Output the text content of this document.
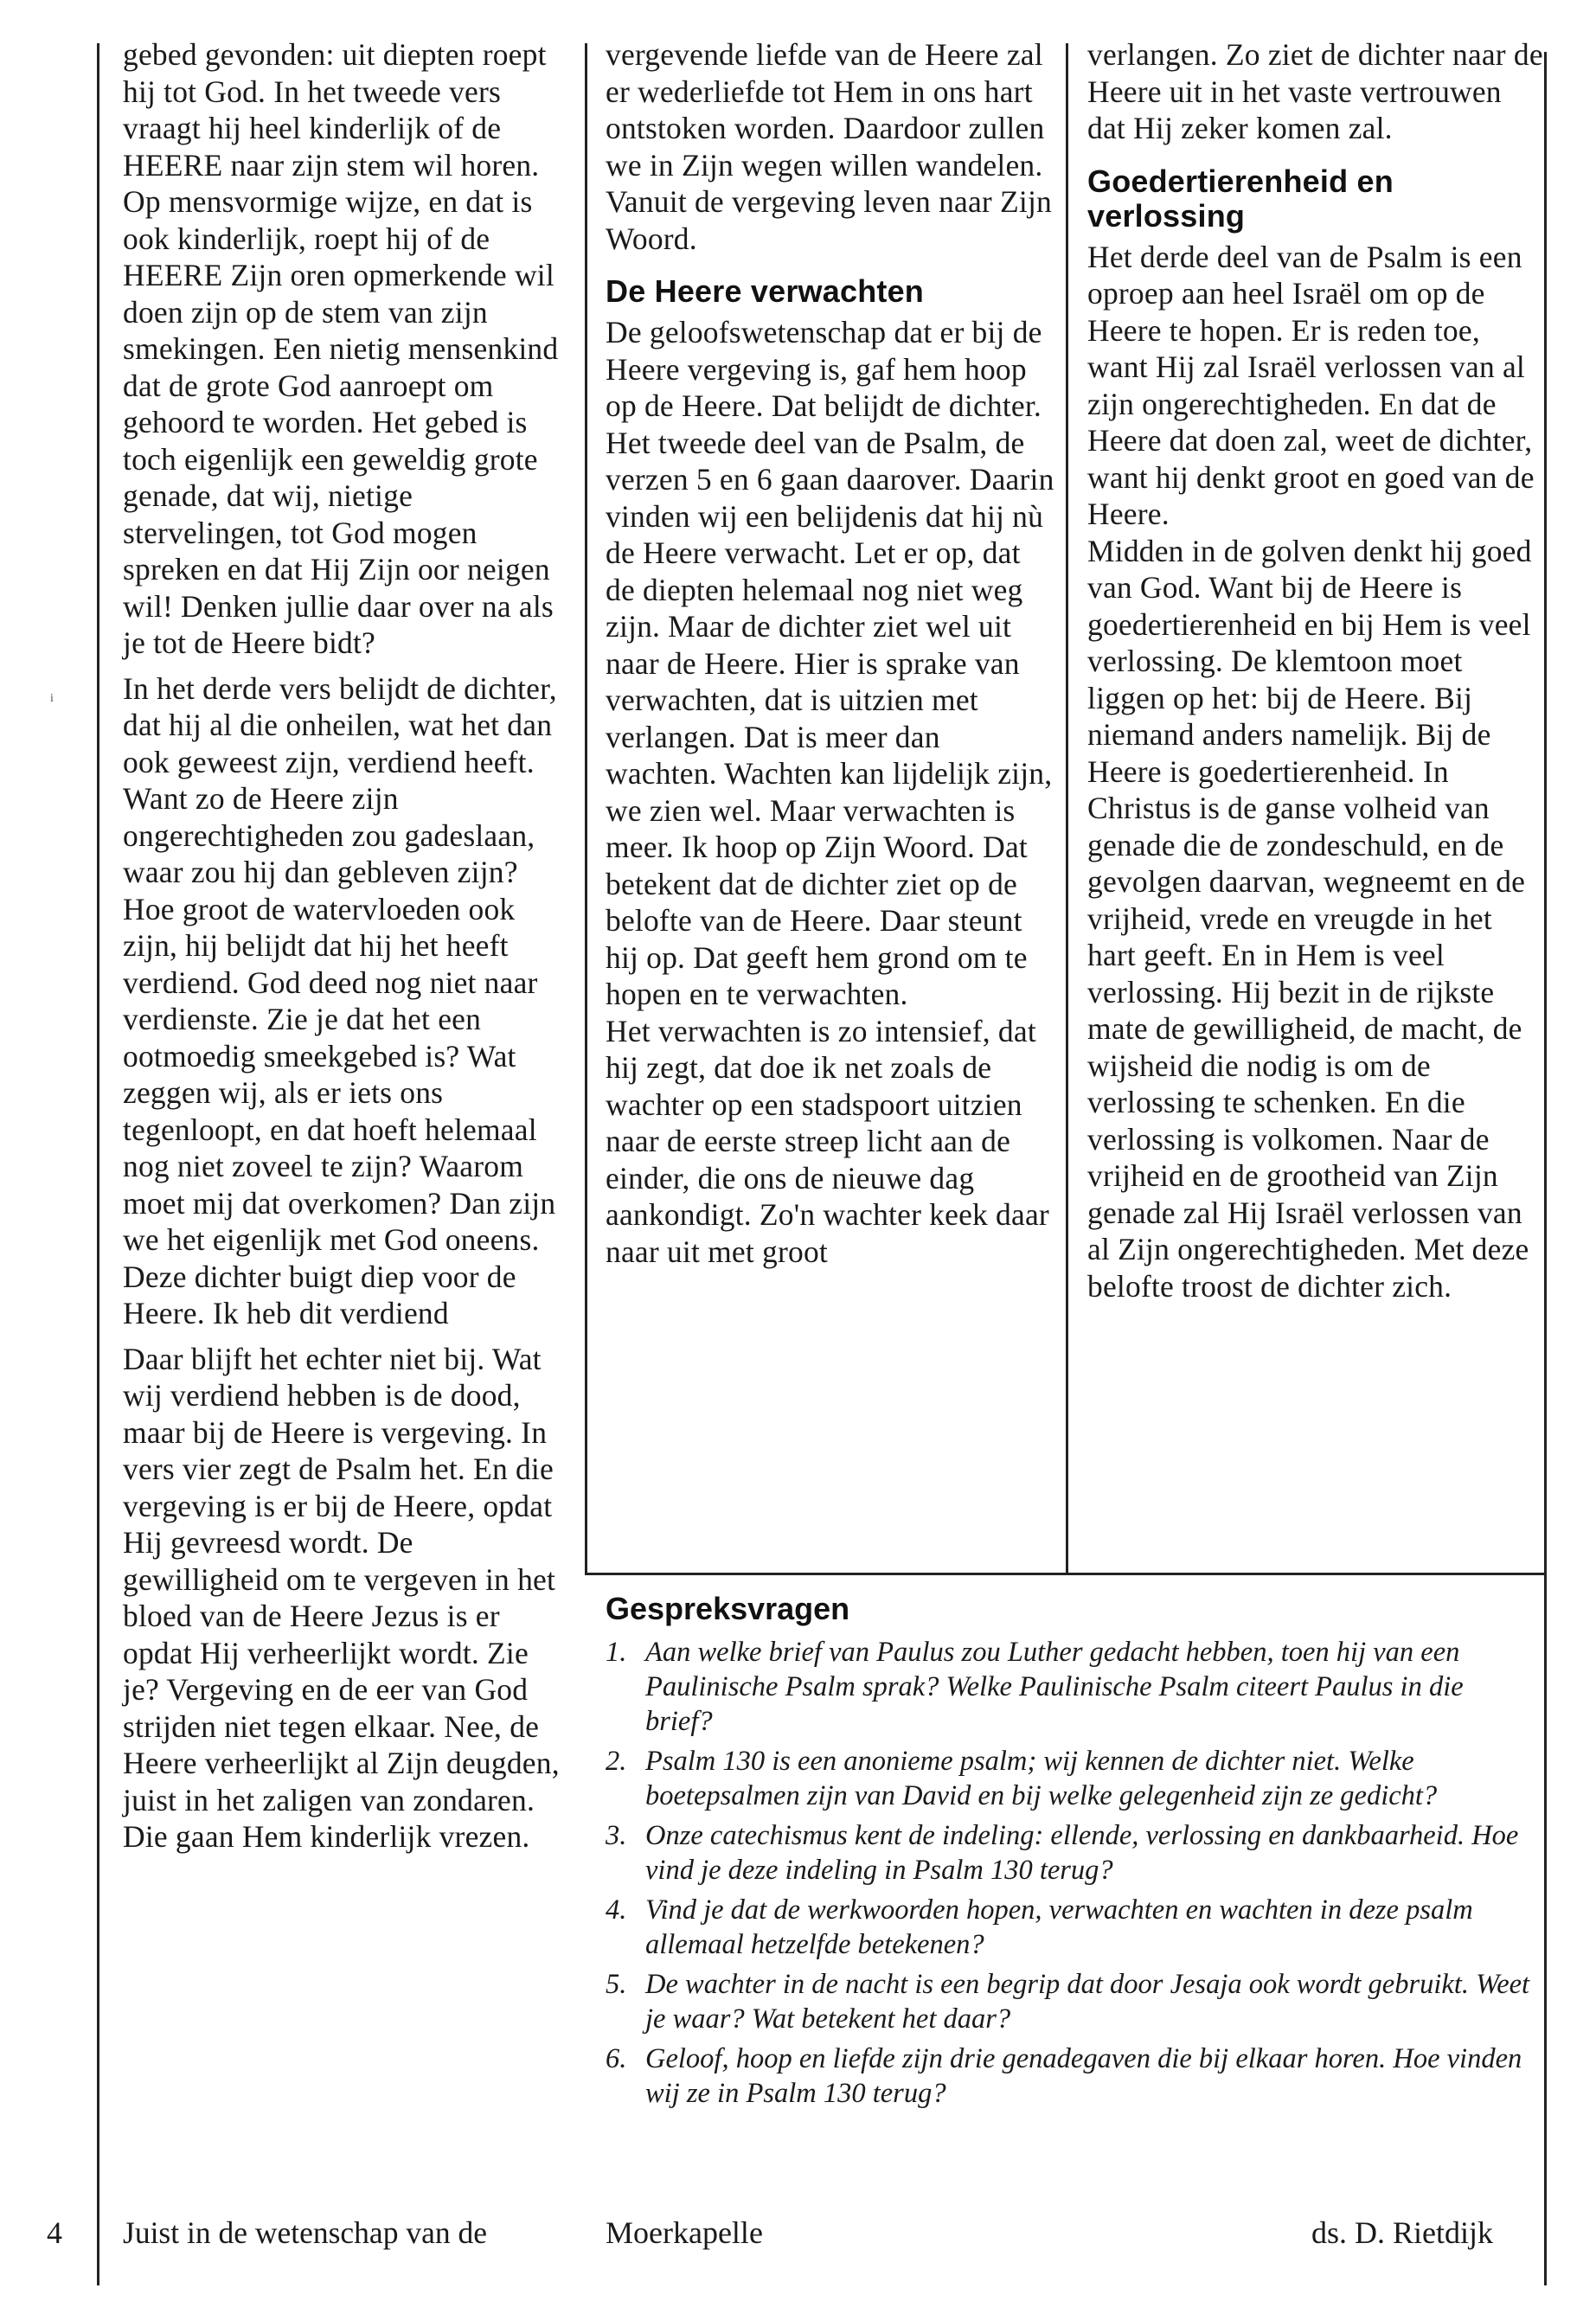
i

gebed gevonden: uit diepten roept hij tot God. In het tweede vers vraagt hij heel kinderlijk of de HEERE naar zijn stem wil horen. Op mensvormige wijze, en dat is ook kinderlijk, roept hij of de HEERE Zijn oren opmerkende wil doen zijn op de stem van zijn smekingen. Een nietig mensenkind dat de grote God aanroept om gehoord te worden. Het gebed is toch eigenlijk een geweldig grote genade, dat wij, nietige stervelingen, tot God mogen spreken en dat Hij Zijn oor neigen wil! Denken jullie daar over na als je tot de Heere bidt?

In het derde vers belijdt de dichter, dat hij al die onheilen, wat het dan ook geweest zijn, verdiend heeft. Want zo de Heere zijn ongerechtigheden zou gadeslaan, waar zou hij dan gebleven zijn? Hoe groot de watervloeden ook zijn, hij belijdt dat hij het heeft verdiend. God deed nog niet naar verdienste. Zie je dat het een ootmoedig smeekgebed is? Wat zeggen wij, als er iets ons tegenloopt, en dat hoeft helemaal nog niet zoveel te zijn? Waarom moet mij dat overkomen? Dan zijn we het eigenlijk met God oneens. Deze dichter buigt diep voor de Heere. Ik heb dit verdiend

Daar blijft het echter niet bij. Wat wij verdiend hebben is de dood, maar bij de Heere is vergeving. In vers vier zegt de Psalm het. En die vergeving is er bij de Heere, opdat Hij gevreesd wordt. De gewilligheid om te vergeven in het bloed van de Heere Jezus is er opdat Hij verheerlijkt wordt. Zie je? Vergeving en de eer van God strijden niet tegen elkaar. Nee, de Heere verheerlijkt al Zijn deugden, juist in het zaligen van zondaren. Die gaan Hem kinderlijk vrezen.

Juist in de wetenschap van de

vergevende liefde van de Heere zal er wederliefde tot Hem in ons hart ontstoken worden. Daardoor zullen we in Zijn wegen willen wandelen. Vanuit de vergeving leven naar Zijn Woord.

De Heere verwachten

De geloofswetenschap dat er bij de Heere vergeving is, gaf hem hoop op de Heere. Dat belijdt de dichter. Het tweede deel van de Psalm, de verzen 5 en 6 gaan daarover. Daarin vinden wij een belijdenis dat hij nù de Heere verwacht. Let er op, dat de diepten helemaal nog niet weg zijn. Maar de dichter ziet wel uit naar de Heere. Hier is sprake van verwachten, dat is uitzien met verlangen. Dat is meer dan wachten. Wachten kan lijdelijk zijn, we zien wel. Maar verwachten is meer. Ik hoop op Zijn Woord. Dat betekent dat de dichter ziet op de belofte van de Heere. Daar steunt hij op. Dat geeft hem grond om te hopen en te verwachten.

Het verwachten is zo intensief, dat hij zegt, dat doe ik net zoals de wachter op een stadspoort uitzien naar de eerste streep licht aan de einder, die ons de nieuwe dag aankondigt. Zo'n wachter keek daar naar uit met groot

verlangen. Zo ziet de dichter naar de Heere uit in het vaste vertrouwen dat Hij zeker komen zal.

Goedertierenheid en verlossing

Het derde deel van de Psalm is een oproep aan heel Israël om op de Heere te hopen. Er is reden toe, want Hij zal Israël verlossen van al zijn ongerechtigheden. En dat de Heere dat doen zal, weet de dichter, want hij denkt groot en goed van de Heere.

Midden in de golven denkt hij goed van God. Want bij de Heere is goedertierenheid en bij Hem is veel verlossing. De klemtoon moet liggen op het: bij de Heere. Bij niemand anders namelijk. Bij de Heere is goedertierenheid. In Christus is de ganse volheid van genade die de zondeschuld, en de gevolgen daarvan, wegneemt en de vrijheid, vrede en vreugde in het hart geeft. En in Hem is veel verlossing. Hij bezit in de rijkste mate de gewilligheid, de macht, de wijsheid die nodig is om de verlossing te schenken. En die verlossing is volkomen. Naar de vrijheid en de grootheid van Zijn genade zal Hij Israël verlossen van al Zijn ongerechtigheden. Met deze belofte troost de dichter zich.

Gespreksvragen
1. Aan welke brief van Paulus zou Luther gedacht hebben, toen hij van een Paulinische Psalm sprak? Welke Paulinische Psalm citeert Paulus in die brief?
2. Psalm 130 is een anonieme psalm; wij kennen de dichter niet. Welke boetepsalmen zijn van David en bij welke gelegenheid zijn ze gedicht?
3. Onze catechismus kent de indeling: ellende, verlossing en dankbaarheid. Hoe vind je deze indeling in Psalm 130 terug?
4. Vind je dat de werkwoorden hopen, verwachten en wachten in deze psalm allemaal hetzelfde betekenen?
5. De wachter in de nacht is een begrip dat door Jesaja ook wordt gebruikt. Weet je waar? Wat betekent het daar?
6. Geloof, hoop en liefde zijn drie genadegaven die bij elkaar horen. Hoe vinden wij ze in Psalm 130 terug?
4	Moerkapelle	ds. D. Rietdijk
